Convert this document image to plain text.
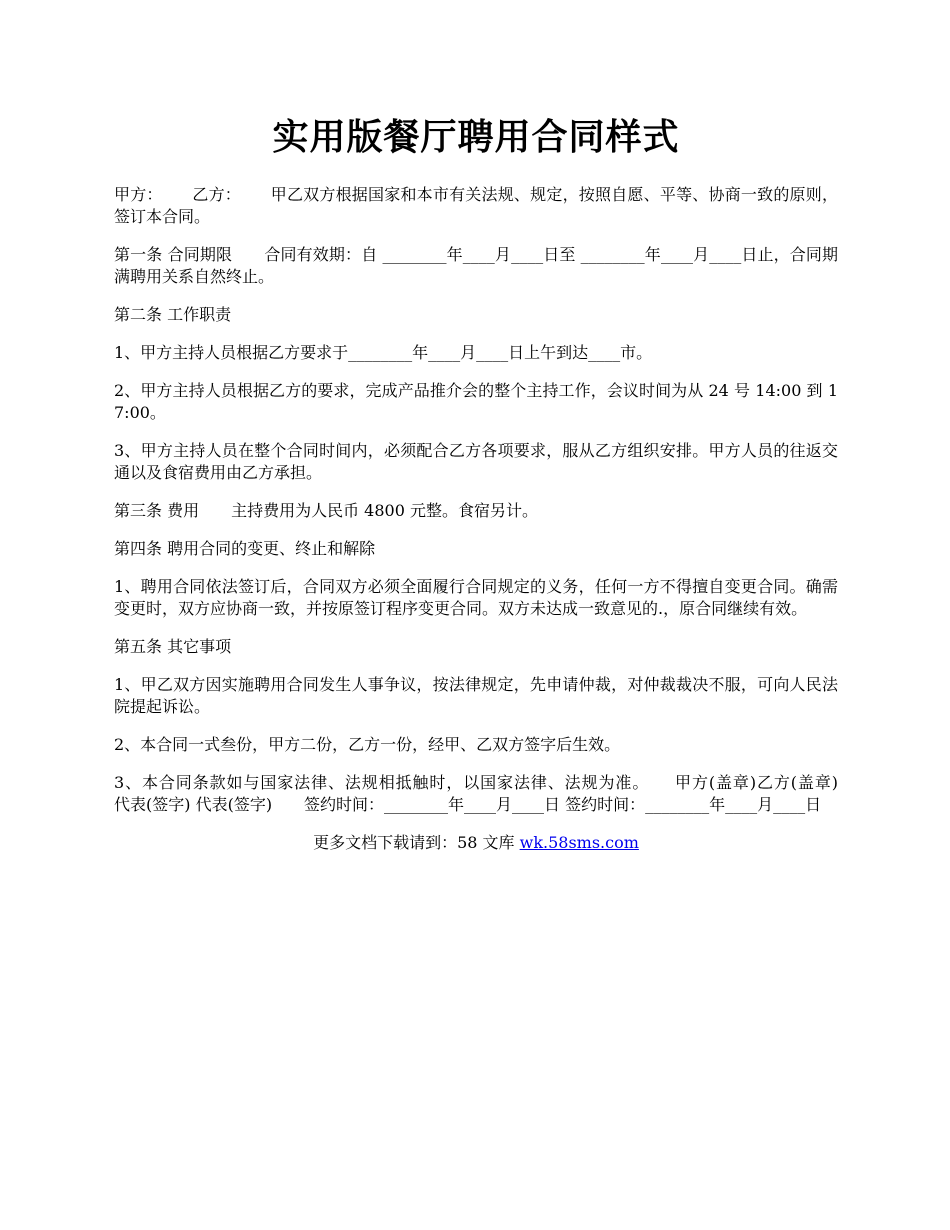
实用版餐厅聘用合同样式

甲方：　　 乙方：　　 甲乙双方根据国家和本市有关法规、规定，按照自愿、平等、协商一致的原则，签订本合同。

第一条 合同期限　　合同有效期：自 ________年____月____日至 ________年____月____日止，合同期满聘用关系自然终止。

第二条 工作职责

1、甲方主持人员根据乙方要求于________年____月____日上午到达____市。

2、甲方主持人员根据乙方的要求，完成产品推介会的整个主持工作，会议时间为从 24 号 14:00 到 17:00。

3、甲方主持人员在整个合同时间内，必须配合乙方各项要求，服从乙方组织安排。甲方人员的往返交通以及食宿费用由乙方承担。

第三条 费用　　主持费用为人民币 4800 元整。食宿另计。

第四条 聘用合同的变更、终止和解除

1、聘用合同依法签订后，合同双方必须全面履行合同规定的义务，任何一方不得擅自变更合同。确需变更时，双方应协商一致，并按原签订程序变更合同。双方未达成一致意见的.，原合同继续有效。

第五条 其它事项

1、甲乙双方因实施聘用合同发生人事争议，按法律规定，先申请仲裁，对仲裁裁决不服，可向人民法院提起诉讼。

2、本合同一式叁份，甲方二份，乙方一份，经甲、乙双方签字后生效。

3、本合同条款如与国家法律、法规相抵触时，以国家法律、法规为准。　　甲方(盖章)乙方(盖章)　　代表(签字) 代表(签字)　　签约时间：________年____月____日 签约时间：________年____月____日

更多文档下载请到：58 文库 wk.58sms.com
